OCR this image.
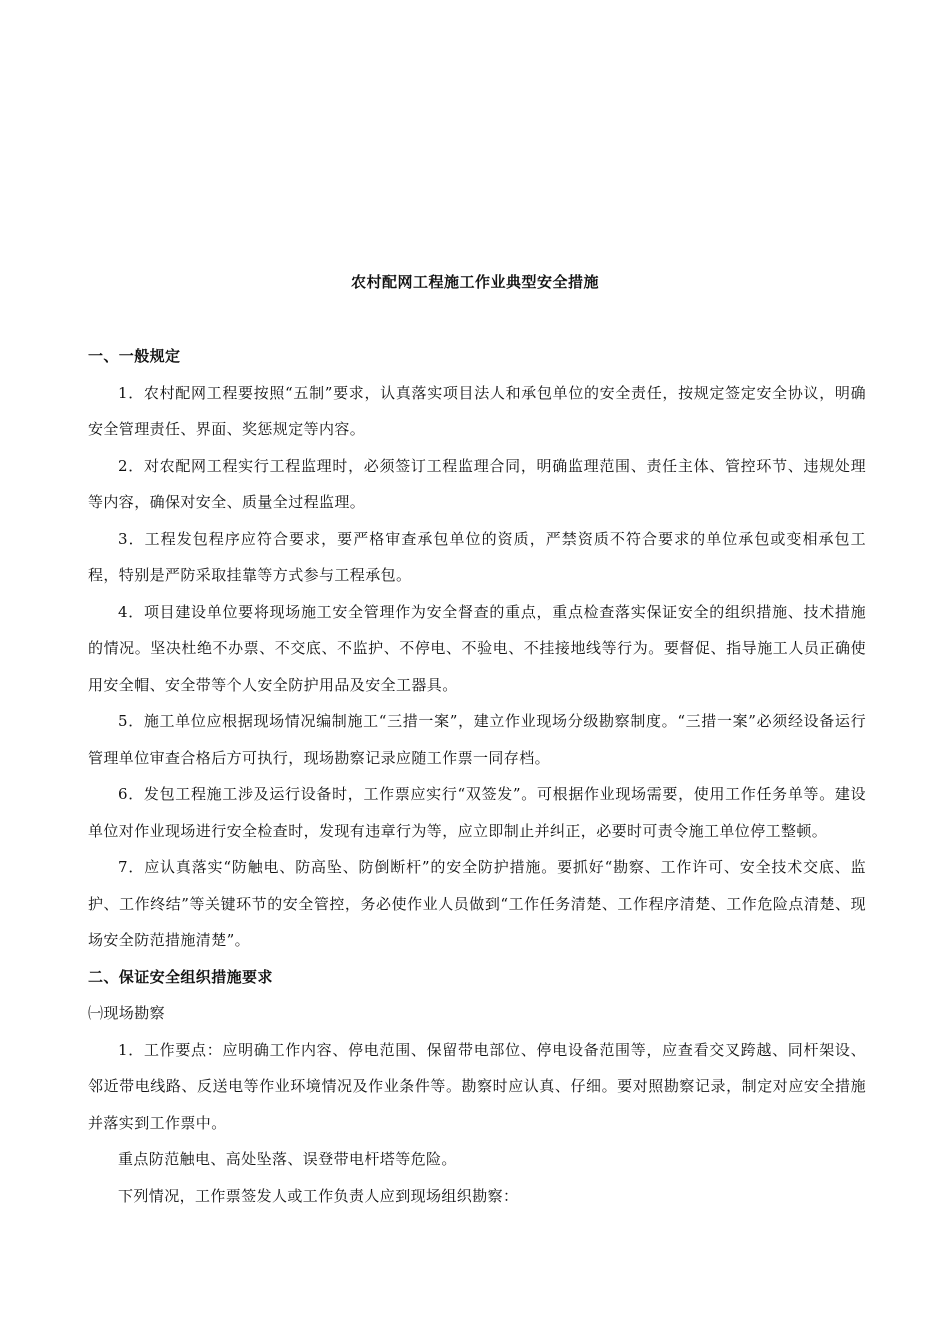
农村配网工程施工作业典型安全措施

一、一般规定

1．农村配网工程要按照“五制”要求，认真落实项目法人和承包单位的安全责任，按规定签定安全协议，明确安全管理责任、界面、奖惩规定等内容。

2．对农配网工程实行工程监理时，必须签订工程监理合同，明确监理范围、责任主体、管控环节、违规处理等内容，确保对安全、质量全过程监理。

3．工程发包程序应符合要求，要严格审查承包单位的资质，严禁资质不符合要求的单位承包或变相承包工程，特别是严防采取挂靠等方式参与工程承包。

4．项目建设单位要将现场施工安全管理作为安全督查的重点，重点检查落实保证安全的组织措施、技术措施的情况。坚决杜绝不办票、不交底、不监护、不停电、不验电、不挂接地线等行为。要督促、指导施工人员正确使用安全帽、安全带等个人安全防护用品及安全工器具。

5．施工单位应根据现场情况编制施工“三措一案”，建立作业现场分级勘察制度。“三措一案”必须经设备运行管理单位审查合格后方可执行，现场勘察记录应随工作票一同存档。

6．发包工程施工涉及运行设备时，工作票应实行“双签发”。可根据作业现场需要，使用工作任务单等。建设单位对作业现场进行安全检查时，发现有违章行为等，应立即制止并纠正，必要时可责令施工单位停工整顿。

7．应认真落实“防触电、防高坠、防倒断杆”的安全防护措施。要抓好“勘察、工作许可、安全技术交底、监护、工作终结”等关键环节的安全管控，务必使作业人员做到“工作任务清楚、工作程序清楚、工作危险点清楚、现场安全防范措施清楚”。

二、保证安全组织措施要求

㈠现场勘察

1．工作要点：应明确工作内容、停电范围、保留带电部位、停电设备范围等，应查看交叉跨越、同杆架设、邻近带电线路、反送电等作业环境情况及作业条件等。勘察时应认真、仔细。要对照勘察记录，制定对应安全措施并落实到工作票中。

重点防范触电、高处坠落、误登带电杆塔等危险。

下列情况，工作票签发人或工作负责人应到现场组织勘察：
